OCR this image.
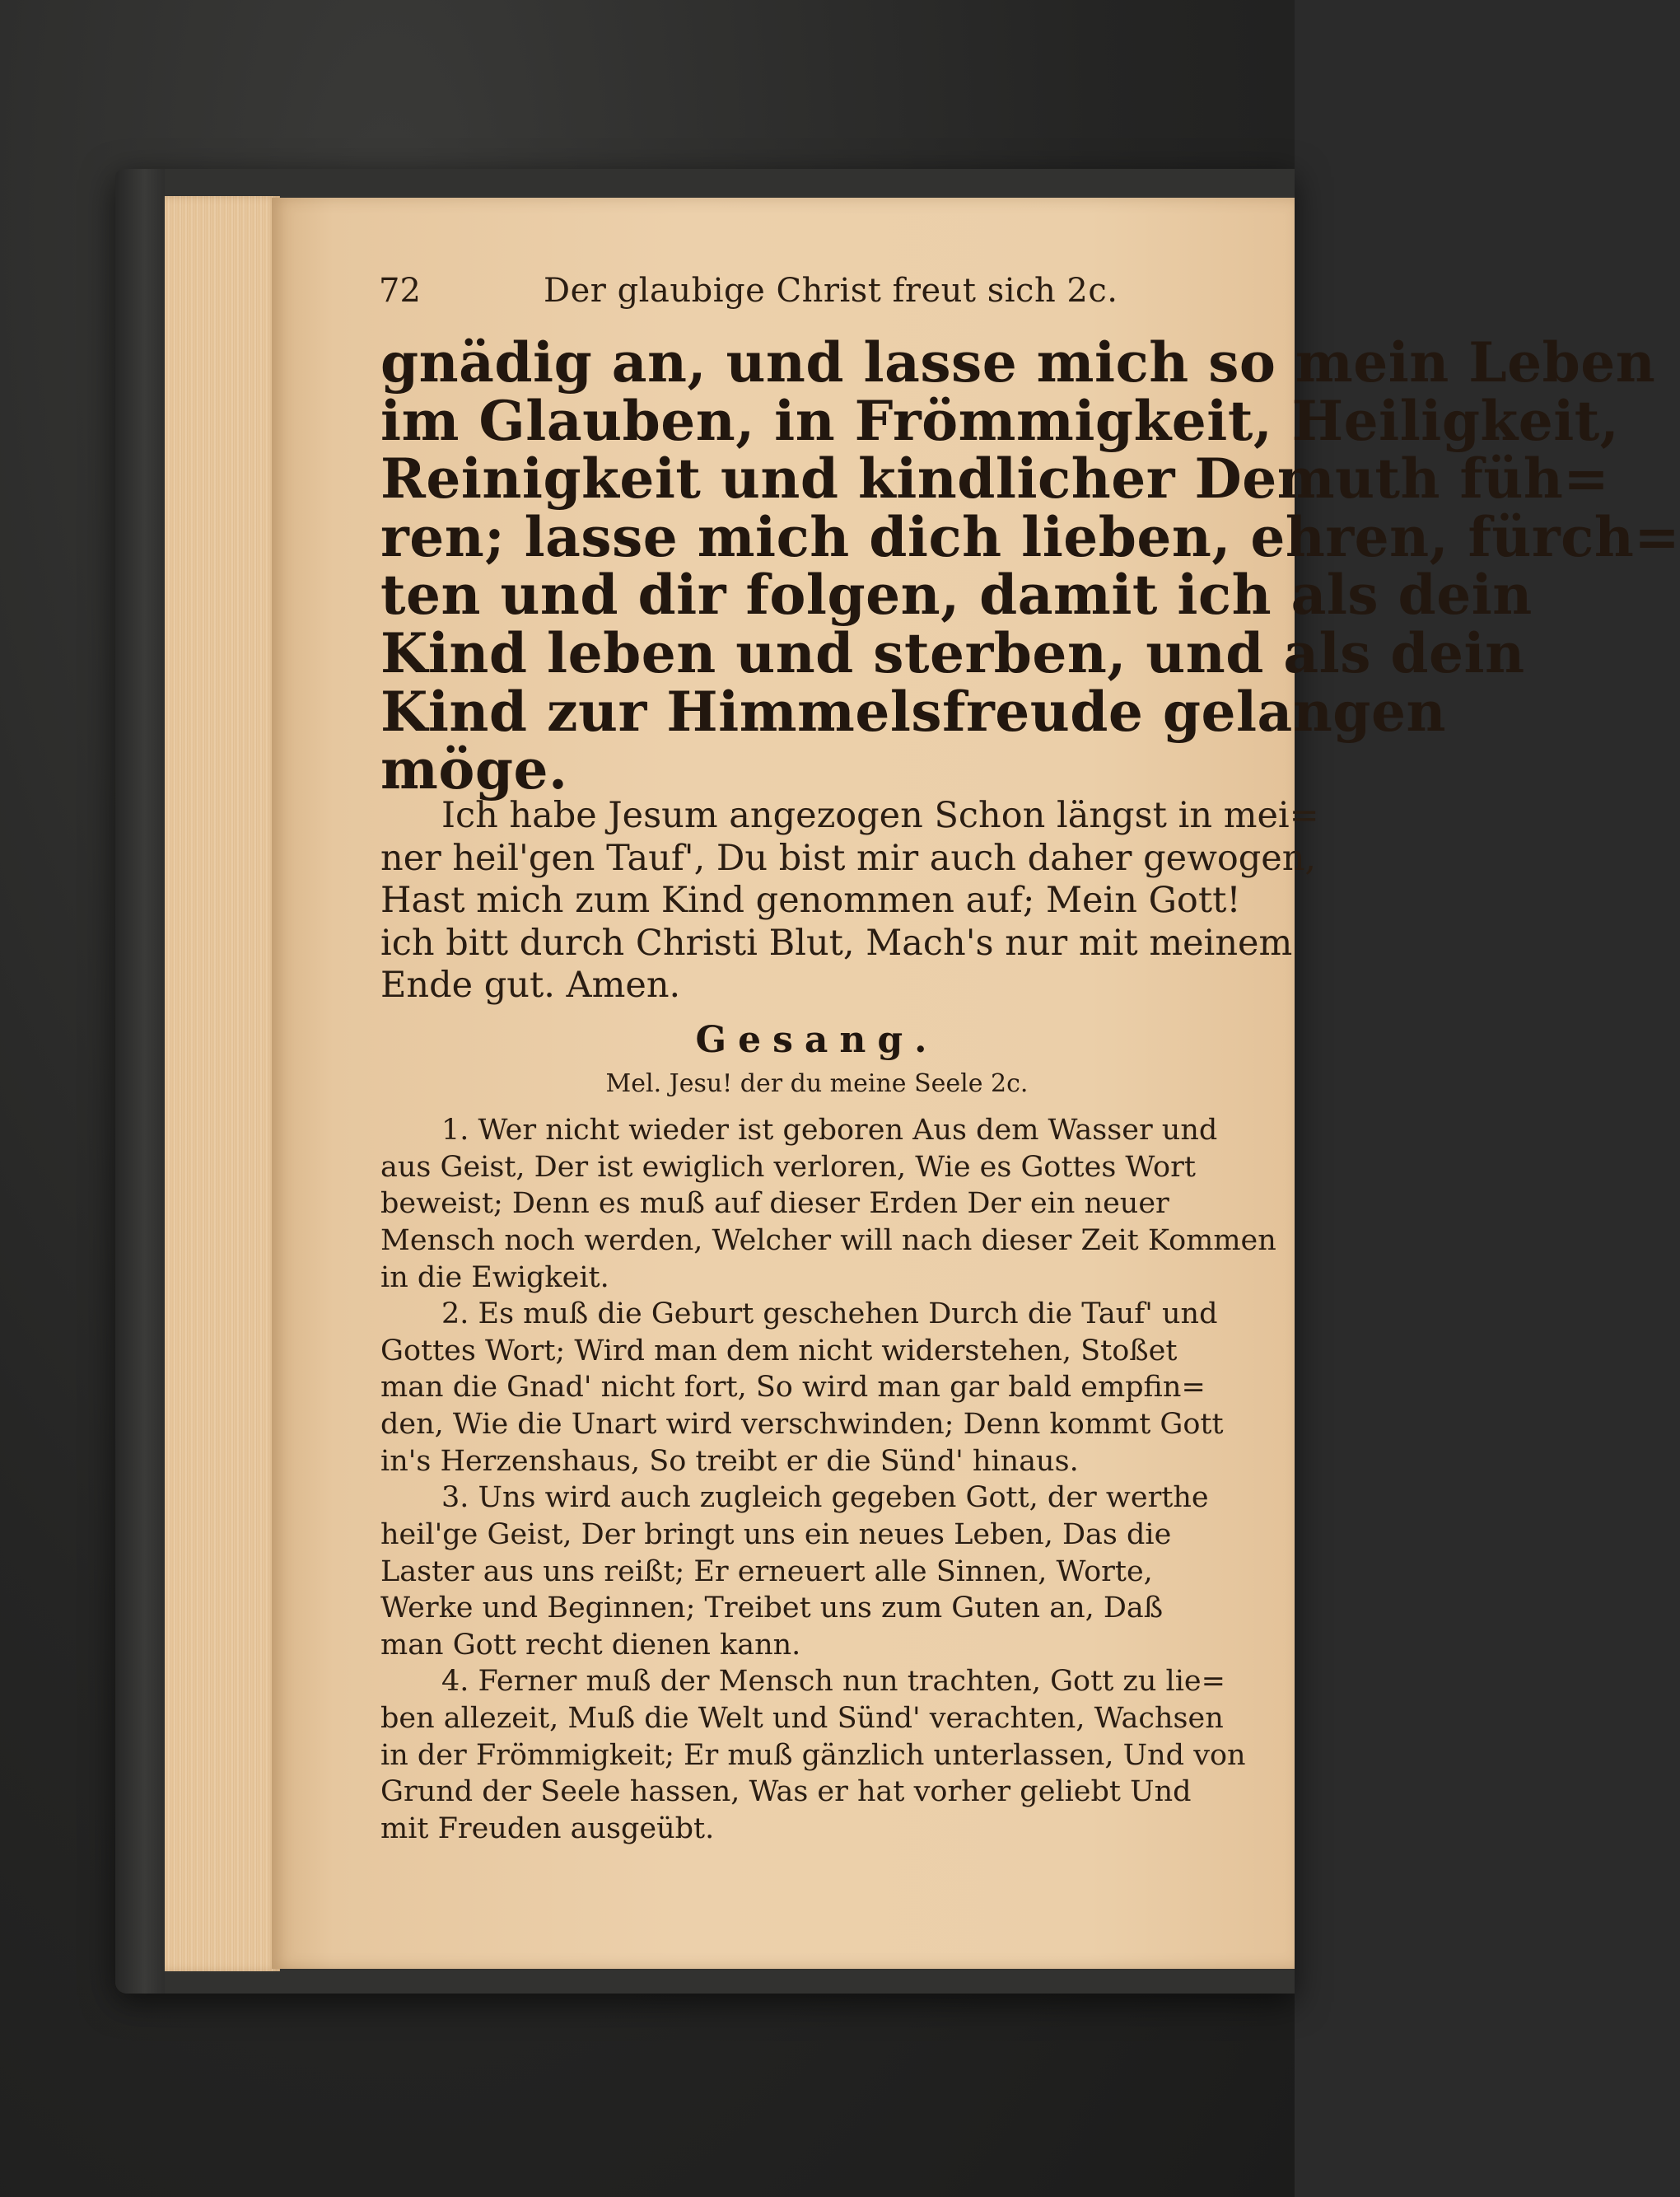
72	Der glaubige Christ freut sich 2c.
gnädig an, und lasse mich so mein Leben
im Glauben, in Frömmigkeit, Heiligkeit,
Reinigkeit und kindlicher Demuth füh=
ren; lasse mich dich lieben, ehren, fürch=
ten und dir folgen, damit ich als dein
Kind leben und sterben, und als dein
Kind zur Himmelsfreude gelangen
möge.
Ich habe Jesum angezogen Schon längst in mei=
ner heil'gen Tauf', Du bist mir auch daher gewogen,
Hast mich zum Kind genommen auf; Mein Gott!
ich bitt durch Christi Blut, Mach's nur mit meinem
Ende gut. Amen.
Gesang.
Mel. Jesu! der du meine Seele 2c.
1. Wer nicht wieder ist geboren Aus dem Wasser und
aus Geist, Der ist ewiglich verloren, Wie es Gottes Wort
beweist; Denn es muß auf dieser Erden Der ein neuer
Mensch noch werden, Welcher will nach dieser Zeit Kommen
in die Ewigkeit.
2. Es muß die Geburt geschehen Durch die Tauf' und
Gottes Wort; Wird man dem nicht widerstehen, Stoßet
man die Gnad' nicht fort, So wird man gar bald empfin=
den, Wie die Unart wird verschwinden; Denn kommt Gott
in's Herzenshaus, So treibt er die Sünd' hinaus.
3. Uns wird auch zugleich gegeben Gott, der werthe
heil'ge Geist, Der bringt uns ein neues Leben, Das die
Laster aus uns reißt; Er erneuert alle Sinnen, Worte,
Werke und Beginnen; Treibet uns zum Guten an, Daß
man Gott recht dienen kann.
4. Ferner muß der Mensch nun trachten, Gott zu lie=
ben allezeit, Muß die Welt und Sünd' verachten, Wachsen
in der Frömmigkeit; Er muß gänzlich unterlassen, Und von
Grund der Seele hassen, Was er hat vorher geliebt Und
mit Freuden ausgeübt.
